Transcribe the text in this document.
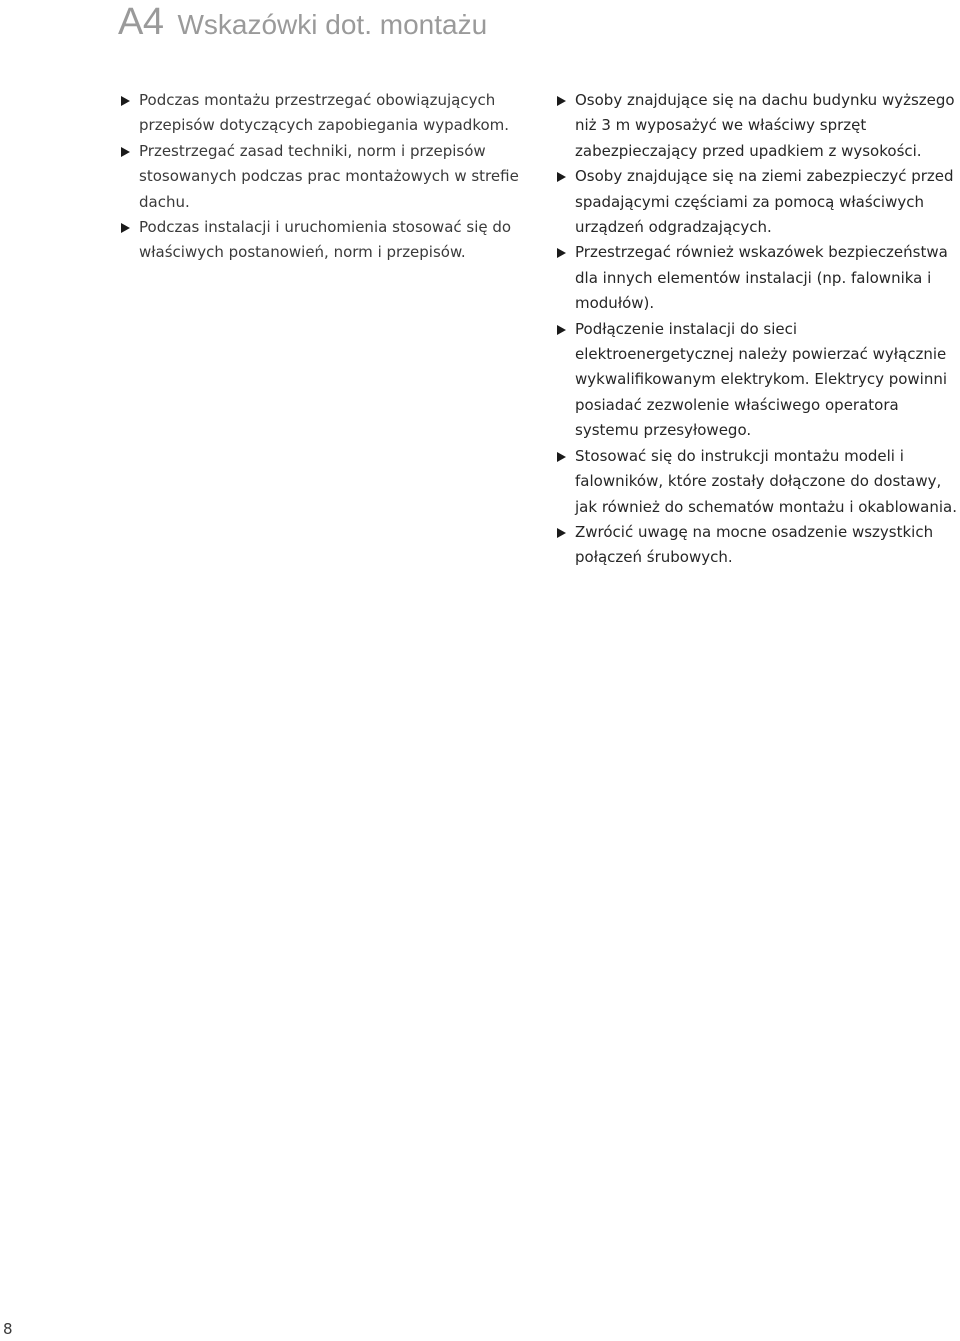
A4 Wskazówki dot. montażu
Podczas montażu przestrzegać obowiązujących przepisów dotyczących zapobiegania wypadkom.
Przestrzegać zasad techniki, norm i przepisów stosowanych podczas prac montażowych w strefie dachu.
Podczas instalacji i uruchomienia stosować się do właściwych postanowień, norm i przepisów.
Osoby znajdujące się na dachu budynku wyższego niż 3 m wyposażyć we właściwy sprzęt zabezpieczający przed upadkiem z wysokości.
Osoby znajdujące się na ziemi zabezpieczyć przed spadającymi częściami za pomocą właściwych urządzeń odgradzających.
Przestrzegać również wskazówek bezpieczeństwa dla innych elementów instalacji (np. falownika i modułów).
Podłączenie instalacji do sieci elektroenergetycznej należy powierzać wyłącznie wykwalifikowanym elektrykom. Elektrycy powinni posiadać zezwolenie właściwego operatora systemu przesyłowego.
Stosować się do instrukcji montażu modeli i falowników, które zostały dołączone do dostawy, jak również do schematów montażu i okablowania.
Zwrócić uwagę na mocne osadzenie wszystkich połączeń śrubowych.
8
